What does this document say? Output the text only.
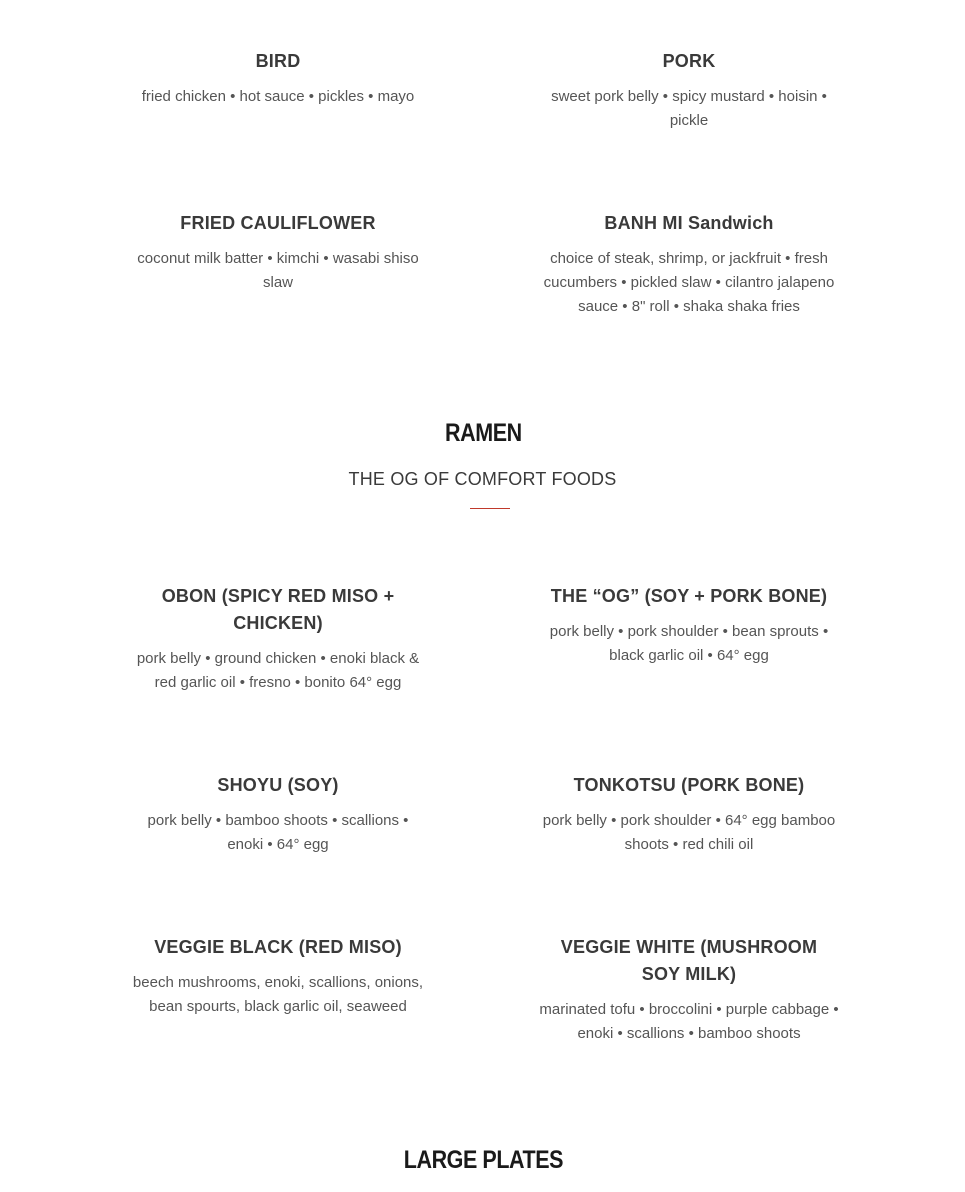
BIRD

fried chicken • hot sauce • pickles • mayo

PORK

sweet pork belly • spicy mustard • hoisin • pickle

FRIED CAULIFLOWER

coconut milk batter • kimchi • wasabi shiso slaw

BANH MI Sandwich

choice of steak, shrimp, or jackfruit • fresh cucumbers • pickled slaw • cilantro jalapeno sauce • 8" roll • shaka shaka fries

RAMEN
THE OG OF COMFORT FOODS
OBON (SPICY RED MISO + CHICKEN)

pork belly • ground chicken • enoki black & red garlic oil • fresno • bonito 64° egg

THE “OG” (SOY + PORK BONE)

pork belly • pork shoulder • bean sprouts • black garlic oil • 64° egg

SHOYU (SOY)

pork belly • bamboo shoots • scallions • enoki • 64° egg

TONKOTSU (PORK BONE)

pork belly • pork shoulder • 64° egg bamboo shoots • red chili oil

VEGGIE BLACK (RED MISO)

beech mushrooms, enoki, scallions, onions, bean spourts, black garlic oil, seaweed

VEGGIE WHITE (MUSHROOM SOY MILK)

marinated tofu • broccolini • purple cabbage • enoki • scallions • bamboo shoots

LARGE PLATES
